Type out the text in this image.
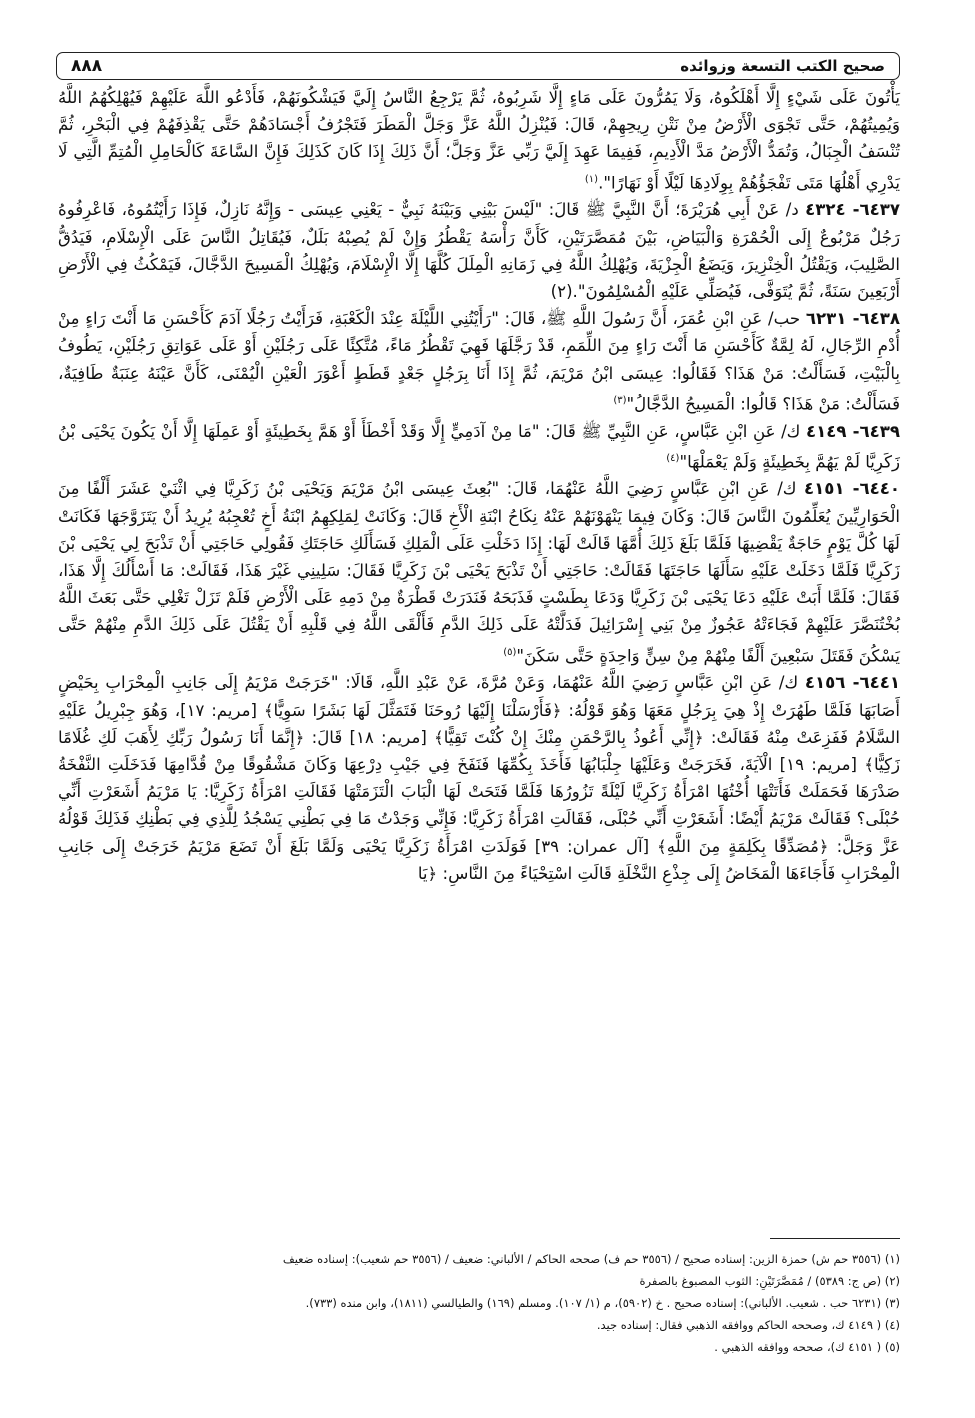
٨٨٨	صحيح الكتب التسعة وزوائده

يَأْتُونَ عَلَى شَيْءٍ إِلَّا أَهْلَكُوهُ، وَلَا يَمُرُّونَ عَلَى مَاءٍ إِلَّا شَرِبُوهُ، ثُمَّ يَرْجِعُ النَّاسُ إِلَيَّ فَيَشْكُونَهُمْ، فَأَدْعُو اللَّهَ عَلَيْهِمْ فَيُهْلِكُهُمُ اللَّهُ وَيُمِيتُهُمْ، حَتَّى تَجْوَى الْأَرْضُ مِنْ نَتْنِ رِيحِهِمْ، قَالَ: فَيُنْزِلُ اللَّهُ عَزَّ وَجَلَّ الْمَطَرَ فَتَجْرُفُ أَجْسَادَهُمْ حَتَّى يَقْذِفَهُمْ فِي الْبَحْرِ، ثُمَّ تُنْسَفُ الْجِبَالُ، وَتُمَدُّ الْأَرْضُ مَدَّ الْأَدِيمِ، فَفِيمَا عَهِدَ إِلَيَّ رَبِّي عَزَّ وَجَلَّ؛ أَنَّ ذَلِكَ إِذَا كَانَ كَذَلِكَ فَإِنَّ السَّاعَةَ كَالْحَامِلِ الْمُتِمِّ الَّتِي لَا يَدْرِي أَهْلُهَا مَتَى تَفْجَؤُهُمْ بِوِلَادِهَا لَيْلًا أَوْ نَهَارًا".$^{(١)}$

٦٤٣٧- ٤٣٢٤ د/ عَنْ أَبِي هُرَيْرَةَ؛ أَنَّ النَّبِيَّ ﷺ قَالَ: "لَيْسَ بَيْنِي وَبَيْنَهُ نَبِيٌّ - يَعْنِي عِيسَى - وَإِنَّهُ نَازِلٌ، فَإِذَا رَأَيْتُمُوهُ، فَاعْرِفُوهُ رَجُلٌ مَرْبُوعٌ إِلَى الْحُمْرَةِ وَالْبَيَاضِ، بَيْنَ مُمَصَّرَتَيْنِ، كَأَنَّ رَأْسَهُ يَقْطُرُ وَإِنْ لَمْ يُصِبْهُ بَلَلٌ، فَيُقَاتِلُ النَّاسَ عَلَى الْإِسْلَامِ، فَيَدُقُّ الصَّلِيبَ، وَيَقْتُلُ الْخِنْزِيرَ، وَيَضَعُ الْجِزْيَةَ، وَيُهْلِكُ اللَّهُ فِي زَمَانِهِ الْمِلَلَ كُلَّهَا إِلَّا الْإِسْلَامَ، وَيُهْلِكُ الْمَسِيحَ الدَّجَّالَ، فَيَمْكُثُ فِي الْأَرْضِ أَرْبَعِينَ سَنَةً، ثُمَّ يُتَوَفَّى، فَيُصَلِّي عَلَيْهِ الْمُسْلِمُونَ".(٢)

٦٤٣٨- ٦٢٣١ حب/ عَنِ ابْنِ عُمَرَ، أَنَّ رَسُولَ اللَّهِ ﷺ، قَالَ: "رَأَيْتُنِي اللَّيْلَةَ عِنْدَ الْكَعْبَةِ، فَرَأَيْتُ رَجُلًا آدَمَ كَأَحْسَنِ مَا أَنْتَ رَاءٍ مِنْ أُدْمِ الرِّجَالِ، لَهُ لِمَّةٌ كَأَحْسَنِ مَا أَنْتَ رَاءٍ مِنَ اللِّمَمِ، قَدْ رَجَّلَهَا فَهِيَ تَقْطُرُ مَاءً، مُتَّكِئًا عَلَى رَجُلَيْنِ أَوْ عَلَى عَوَاتِقِ رَجُلَيْنِ، يَطُوفُ بِالْبَيْتِ، فَسَأَلْتُ: مَنْ هَذَا؟ فَقَالُوا: عِيسَى ابْنُ مَرْيَمَ، ثُمَّ إِذَا أَنَا بِرَجُلٍ جَعْدٍ قَطَطٍ أَعْوَرَ الْعَيْنِ الْيُمْنَى، كَأَنَّ عَيْنَهُ عِنَبَةٌ طَافِيَةٌ، فَسَأَلْتُ: مَنْ هَذَا؟ قَالُوا: الْمَسِيحُ الدَّجَّالُ"$^{(٣)}$

٦٤٣٩- ٤١٤٩ ك/ عَنِ ابْنِ عَبَّاسٍ، عَنِ النَّبِيِّ ﷺ قَالَ: "مَا مِنْ آدَمِيٍّ إِلَّا وَقَدْ أَخْطَأَ أَوْ هَمَّ بِخَطِيئَةٍ أَوْ عَمِلَهَا إِلَّا أَنْ يَكُونَ يَحْيَى بْنُ زَكَرِيَّا لَمْ يَهُمَّ بِخَطِيئَةٍ وَلَمْ يَعْمَلْهَا"$^{(٤)}$

٦٤٤٠- ٤١٥١ ك/ عَنِ ابْنِ عَبَّاسٍ رَضِيَ اللَّهُ عَنْهُمَا، قَالَ: "بُعِثَ عِيسَى ابْنُ مَرْيَمَ وَيَحْيَى بْنُ زَكَرِيَّا فِي اثْنَيْ عَشَرَ أَلْفًا مِنَ الْحَوَارِيِّينَ يُعَلِّمُونَ النَّاسَ قَالَ: وَكَانَ فِيمَا يَنْهَوْنَهُمْ عَنْهُ نِكَاحُ ابْنَةِ الْأَخِ قَالَ: وَكَانَتْ لِمَلِكِهِمُ ابْنَةُ أَخٍ تُعْجِبُهُ يُرِيدُ أَنْ يَتَزَوَّجَهَا فَكَانَتْ لَهَا كُلَّ يَوْمٍ حَاجَةٌ يَقْضِيهَا فَلَمَّا بَلَغَ ذَلِكَ أُمَّهَا قَالَتْ لَهَا: إِذَا دَخَلْتِ عَلَى الْمَلِكِ فَسَأَلَكِ حَاجَتَكِ فَقُولِي حَاجَتِي أَنْ تَذْبَحَ لِي يَحْيَى بْنَ زَكَرِيَّا فَلَمَّا دَخَلَتْ عَلَيْهِ سَأَلَهَا حَاجَتَهَا فَقَالَتْ: حَاجَتِي أَنْ تَذْبَحَ يَحْيَى بْنَ زَكَرِيَّا فَقَالَ: سَلِينِي غَيْرَ هَذَا، فَقَالَتْ: مَا أَسْأَلُكَ إِلَّا هَذَا، فَقَالَ: فَلَمَّا أَبَتْ عَلَيْهِ دَعَا يَحْيَى بْنَ زَكَرِيَّا وَدَعَا بِطَسْتٍ فَذَبَحَهُ فَنَدَرَتْ قَطْرَةٌ مِنْ دَمِهِ عَلَى الْأَرْضِ فَلَمْ تَزَلْ تَغْلِي حَتَّى بَعَثَ اللَّهُ بُخْتُنَصَّرَ عَلَيْهِمْ فَجَاءَتْهُ عَجُوزٌ مِنْ بَنِي إِسْرَائِيلَ فَدَلَّتْهُ عَلَى ذَلِكَ الدَّمِ فَأَلْقَى اللَّهُ فِي قَلْبِهِ أَنْ يَقْتُلَ عَلَى ذَلِكَ الدَّمِ مِنْهُمْ حَتَّى يَسْكُنَ فَقَتَلَ سَبْعِينَ أَلْفًا مِنْهُمْ مِنْ سِنٍّ وَاحِدَةٍ حَتَّى سَكَنَ"$^{(٥)}$

٦٤٤١- ٤١٥٦ ك/ عَنِ ابْنِ عَبَّاسٍ رَضِيَ اللَّهُ عَنْهُمَا، وَعَنْ مُرَّةَ، عَنْ عَبْدِ اللَّهِ، قَالَا: "خَرَجَتْ مَرْيَمُ إِلَى جَانِبِ الْمِحْرَابِ بِحَيْضٍ أَصَابَهَا فَلَمَّا طَهُرَتْ إِذْ هِيَ بِرَجُلٍ مَعَهَا وَهُوَ قَوْلُهُ: ﴿فَأَرْسَلْنَا إِلَيْهَا رُوحَنَا فَتَمَثَّلَ لَهَا بَشَرًا سَوِيًّا﴾ [مريم: ١٧]، وَهُوَ جِبْرِيلُ عَلَيْهِ السَّلَامُ فَفَزِعَتْ مِنْهُ فَقَالَتْ: ﴿إِنِّي أَعُوذُ بِالرَّحْمَنِ مِنْكَ إِنْ كُنْتَ تَقِيًّا﴾ [مريم: ١٨] قَالَ: ﴿إِنَّمَا أَنَا رَسُولُ رَبِّكِ لِأَهَبَ لَكِ غُلَامًا زَكِيًّا﴾ [مريم: ١٩] الْآيَةَ، فَخَرَجَتْ وَعَلَيْهَا جِلْبَابُهَا فَأَخَذَ بِكُمِّهَا فَنَفَخَ فِي جَيْبِ دِرْعِهَا وَكَانَ مَشْقُوقًا مِنْ قُدَّامِهَا فَدَخَلَتِ النَّفْخَةُ صَدْرَهَا فَحَمَلَتْ فَأَتَتْهَا أُخْتُهَا امْرَأَةُ زَكَرِيَّا لَيْلَةً تَزُورُهَا فَلَمَّا فَتَحَتْ لَهَا الْبَابَ الْتَزَمَتْهَا فَقَالَتِ امْرَأَةُ زَكَرِيَّا: يَا مَرْيَمُ أَشَعَرْتِ أَنِّي حُبْلَى؟ فَقَالَتْ مَرْيَمُ أَيْضًا: أَشَعَرْتِ أَنِّي حُبْلَى، فَقَالَتِ امْرَأَةُ زَكَرِيَّا: فَإِنِّي وَجَدْتُ مَا فِي بَطْنِي يَسْجُدُ لِلَّذِي فِي بَطْنِكِ فَذَلِكَ قَوْلُهُ عَزَّ وَجَلَّ: ﴿مُصَدِّقًا بِكَلِمَةٍ مِنَ اللَّهِ﴾ [آل عمران: ٣٩] فَوَلَدَتِ امْرَأَةُ زَكَرِيَّا يَحْيَى وَلَمَّا بَلَغَ أَنْ تَضَعَ مَرْيَمُ خَرَجَتْ إِلَى جَانِبِ الْمِحْرَابِ فَأَجَاءَهَا الْمَخَاضُ إِلَى جِذْعِ النَّخْلَةِ قَالَتِ اسْتِحْيَاءً مِنَ النَّاسِ: ﴿يَا

(١) (٣٥٥٦ حم ش) حمزة الزين: إسناده صحيح / (٣٥٥٦ حم ف) صححه الحاكم / الألباني: ضعيف / (٣٥٥٦ حم شعيب): إسناده ضعيف
(٢) (ص ج: ٥٣٨٩) / مُمَصَّرَتَيْنِ: الثوب المصبوغ بالصفرة
(٣) (٦٢٣١ حب . شعيب. الألباني): إسناده صحيح . خ (٥٩٠٢)، م (١/ ١٠٧). ومسلم (١٦٩) والطيالسي (١٨١١)، وابن منده (٧٣٣).
(٤) ( ٤١٤٩ ك، وصححه الحاكم ووافقه الذهبي فقال: إسناده جيد.
(٥) ( ٤١٥١ ك)، صححه ووافقه الذهبي .
